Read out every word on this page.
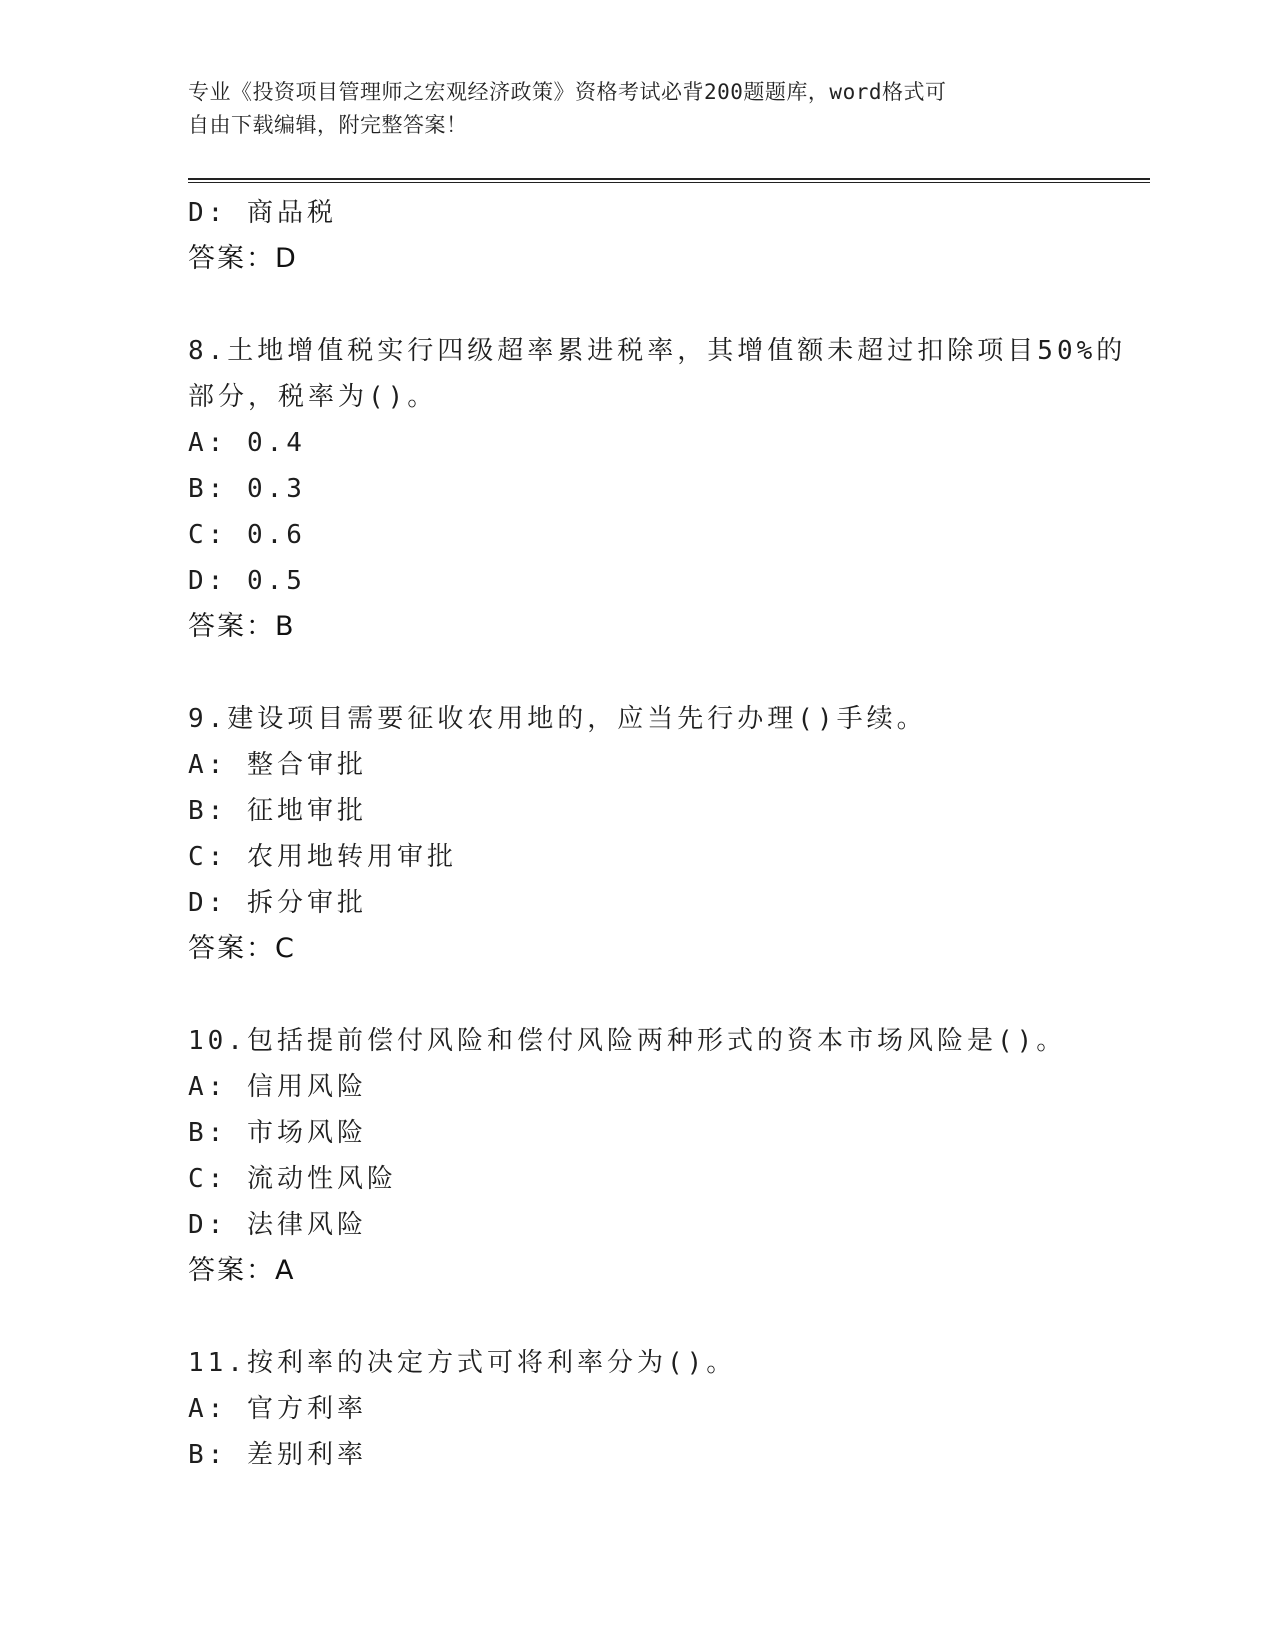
专业《投资项目管理师之宏观经济政策》资格考试必背200题题库，word格式可
自由下载编辑，附完整答案！
D: 商品税
答案：D
8.土地增值税实行四级超率累进税率，其增值额未超过扣除项目50%的
部分，税率为()。
A: 0.4
B: 0.3
C: 0.6
D: 0.5
答案：B
9.建设项目需要征收农用地的，应当先行办理()手续。
A: 整合审批
B: 征地审批
C: 农用地转用审批
D: 拆分审批
答案：C
10.包括提前偿付风险和偿付风险两种形式的资本市场风险是()。
A: 信用风险
B: 市场风险
C: 流动性风险
D: 法律风险
答案：A
11.按利率的决定方式可将利率分为()。
A: 官方利率
B: 差别利率
